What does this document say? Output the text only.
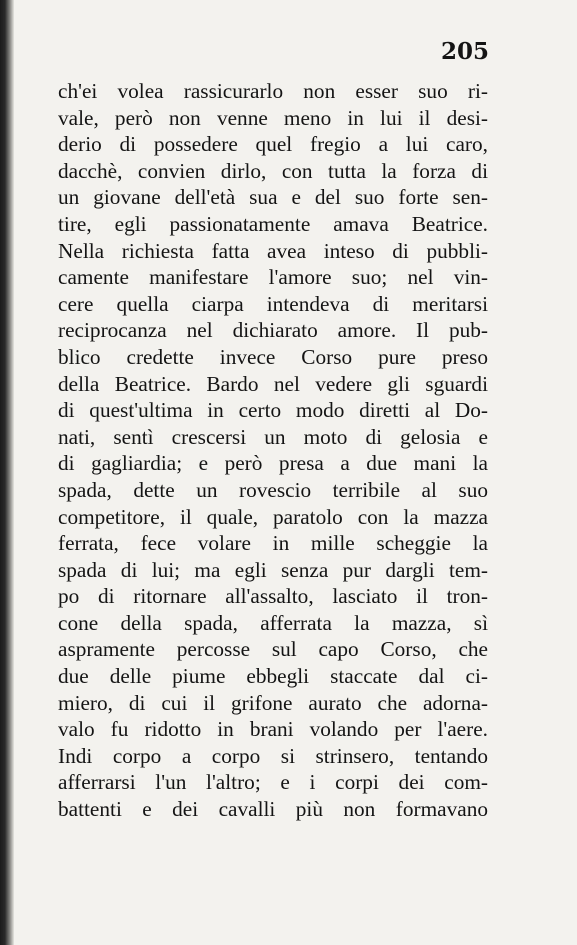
205
ch'ei volea rassicurarlo non esser suo ri-
vale, però non venne meno in lui il desi-
derio di possedere quel fregio a lui caro,
dacchè, convien dirlo, con tutta la forza di
un giovane dell'età sua e del suo forte sen-
tire, egli passionatamente amava Beatrice.
Nella richiesta fatta avea inteso di pubbli-
camente manifestare l'amore suo; nel vin-
cere quella ciarpa intendeva di meritarsi
reciprocanza nel dichiarato amore. Il pub-
blico credette invece Corso pure preso
della Beatrice. Bardo nel vedere gli sguardi
di quest'ultima in certo modo diretti al Do-
nati, sentì crescersi un moto di gelosia e
di gagliardia; e però presa a due mani la
spada, dette un rovescio terribile al suo
competitore, il quale, paratolo con la mazza
ferrata, fece volare in mille scheggie la
spada di lui; ma egli senza pur dargli tem-
po di ritornare all'assalto, lasciato il tron-
cone della spada, afferrata la mazza, sì
aspramente percosse sul capo Corso, che
due delle piume ebbegli staccate dal ci-
miero, di cui il grifone aurato che adorna-
valo fu ridotto in brani volando per l'aere.
Indi corpo a corpo si strinsero, tentando
afferrarsi l'un l'altro; e i corpi dei com-
battenti e dei cavalli più non formavano
